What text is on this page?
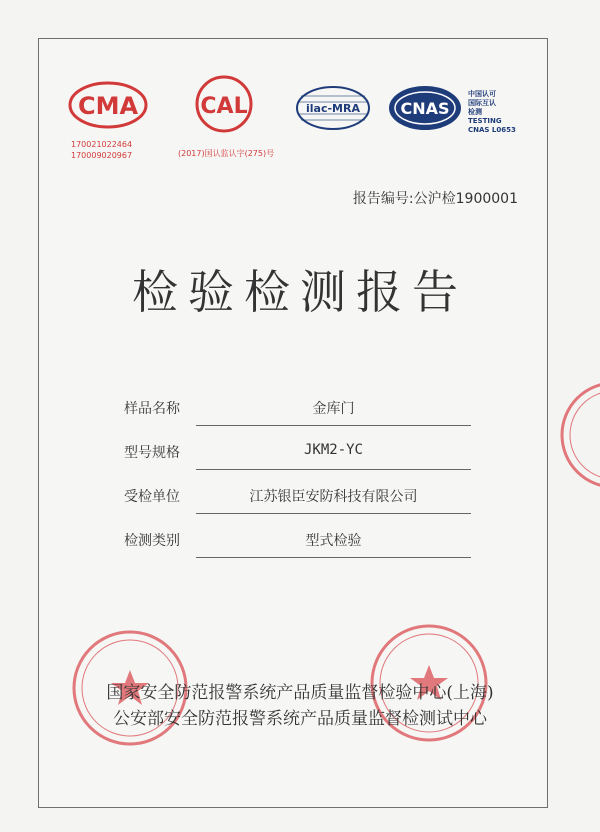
CMA
170021022464
170009020967
CAL
(2017)国认监认字(275)号
ilac-MRA	CNAS
中国认可
国际互认
检测
TESTING
CNAS L0653
报告编号:公沪检1900001
检验检测报告
样品名称	金库门
型号规格	JKM2-YC
受检单位	江苏银臣安防科技有限公司
检测类别	型式检验
国家安全防范报警系统产品质量监督检验中心(上海)
公安部安全防范报警系统产品质量监督检测试中心
